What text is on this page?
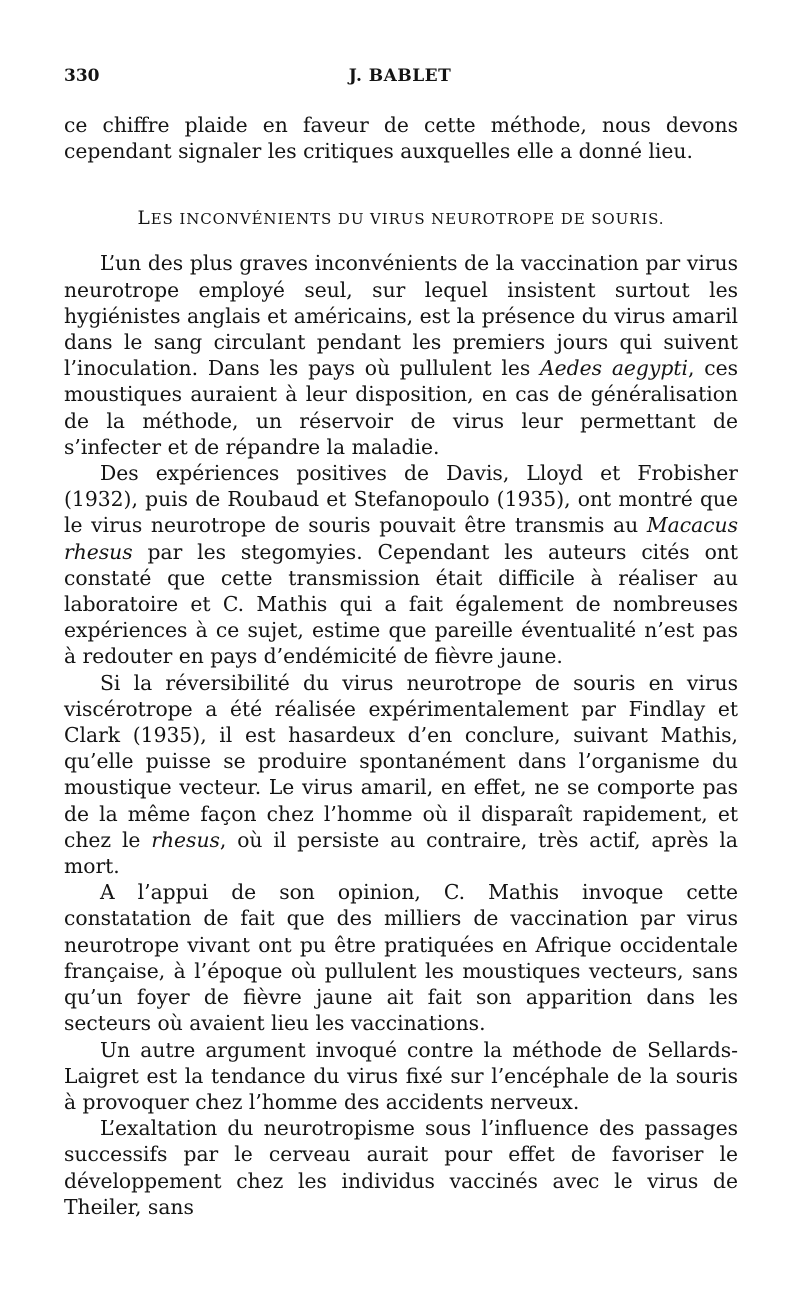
330	J. BABLET

ce chiffre plaide en faveur de cette méthode, nous devons cependant signaler les critiques auxquelles elle a donné lieu.

LES INCONVÉNIENTS DU VIRUS NEUROTROPE DE SOURIS.

L’un des plus graves inconvénients de la vaccination par virus neurotrope employé seul, sur lequel insistent surtout les hygiénistes anglais et américains, est la présence du virus amaril dans le sang circulant pendant les premiers jours qui suivent l’inoculation. Dans les pays où pullulent les Aedes aegypti, ces moustiques auraient à leur disposition, en cas de généralisation de la méthode, un réservoir de virus leur permettant de s’infecter et de répandre la maladie.

Des expériences positives de Davis, Lloyd et Frobisher (1932), puis de Roubaud et Stefanopoulo (1935), ont montré que le virus neurotrope de souris pouvait être transmis au Macacus rhesus par les stegomyies. Cependant les auteurs cités ont constaté que cette transmission était difficile à réaliser au laboratoire et C. Mathis qui a fait également de nombreuses expériences à ce sujet, estime que pareille éventualité n’est pas à redouter en pays d’endémicité de fièvre jaune.

Si la réversibilité du virus neurotrope de souris en virus viscérotrope a été réalisée expérimentalement par Findlay et Clark (1935), il est hasardeux d’en conclure, suivant Mathis, qu’elle puisse se produire spontanément dans l’organisme du moustique vecteur. Le virus amaril, en effet, ne se comporte pas de la même façon chez l’homme où il disparaît rapidement, et chez le rhesus, où il persiste au contraire, très actif, après la mort.

A l’appui de son opinion, C. Mathis invoque cette constatation de fait que des milliers de vaccination par virus neurotrope vivant ont pu être pratiquées en Afrique occidentale française, à l’époque où pullulent les moustiques vecteurs, sans qu’un foyer de fièvre jaune ait fait son apparition dans les secteurs où avaient lieu les vaccinations.

Un autre argument invoqué contre la méthode de Sellards-Laigret est la tendance du virus fixé sur l’encéphale de la souris à provoquer chez l’homme des accidents nerveux.

L’exaltation du neurotropisme sous l’influence des passages successifs par le cerveau aurait pour effet de favoriser le développement chez les individus vaccinés avec le virus de Theiler, sans
